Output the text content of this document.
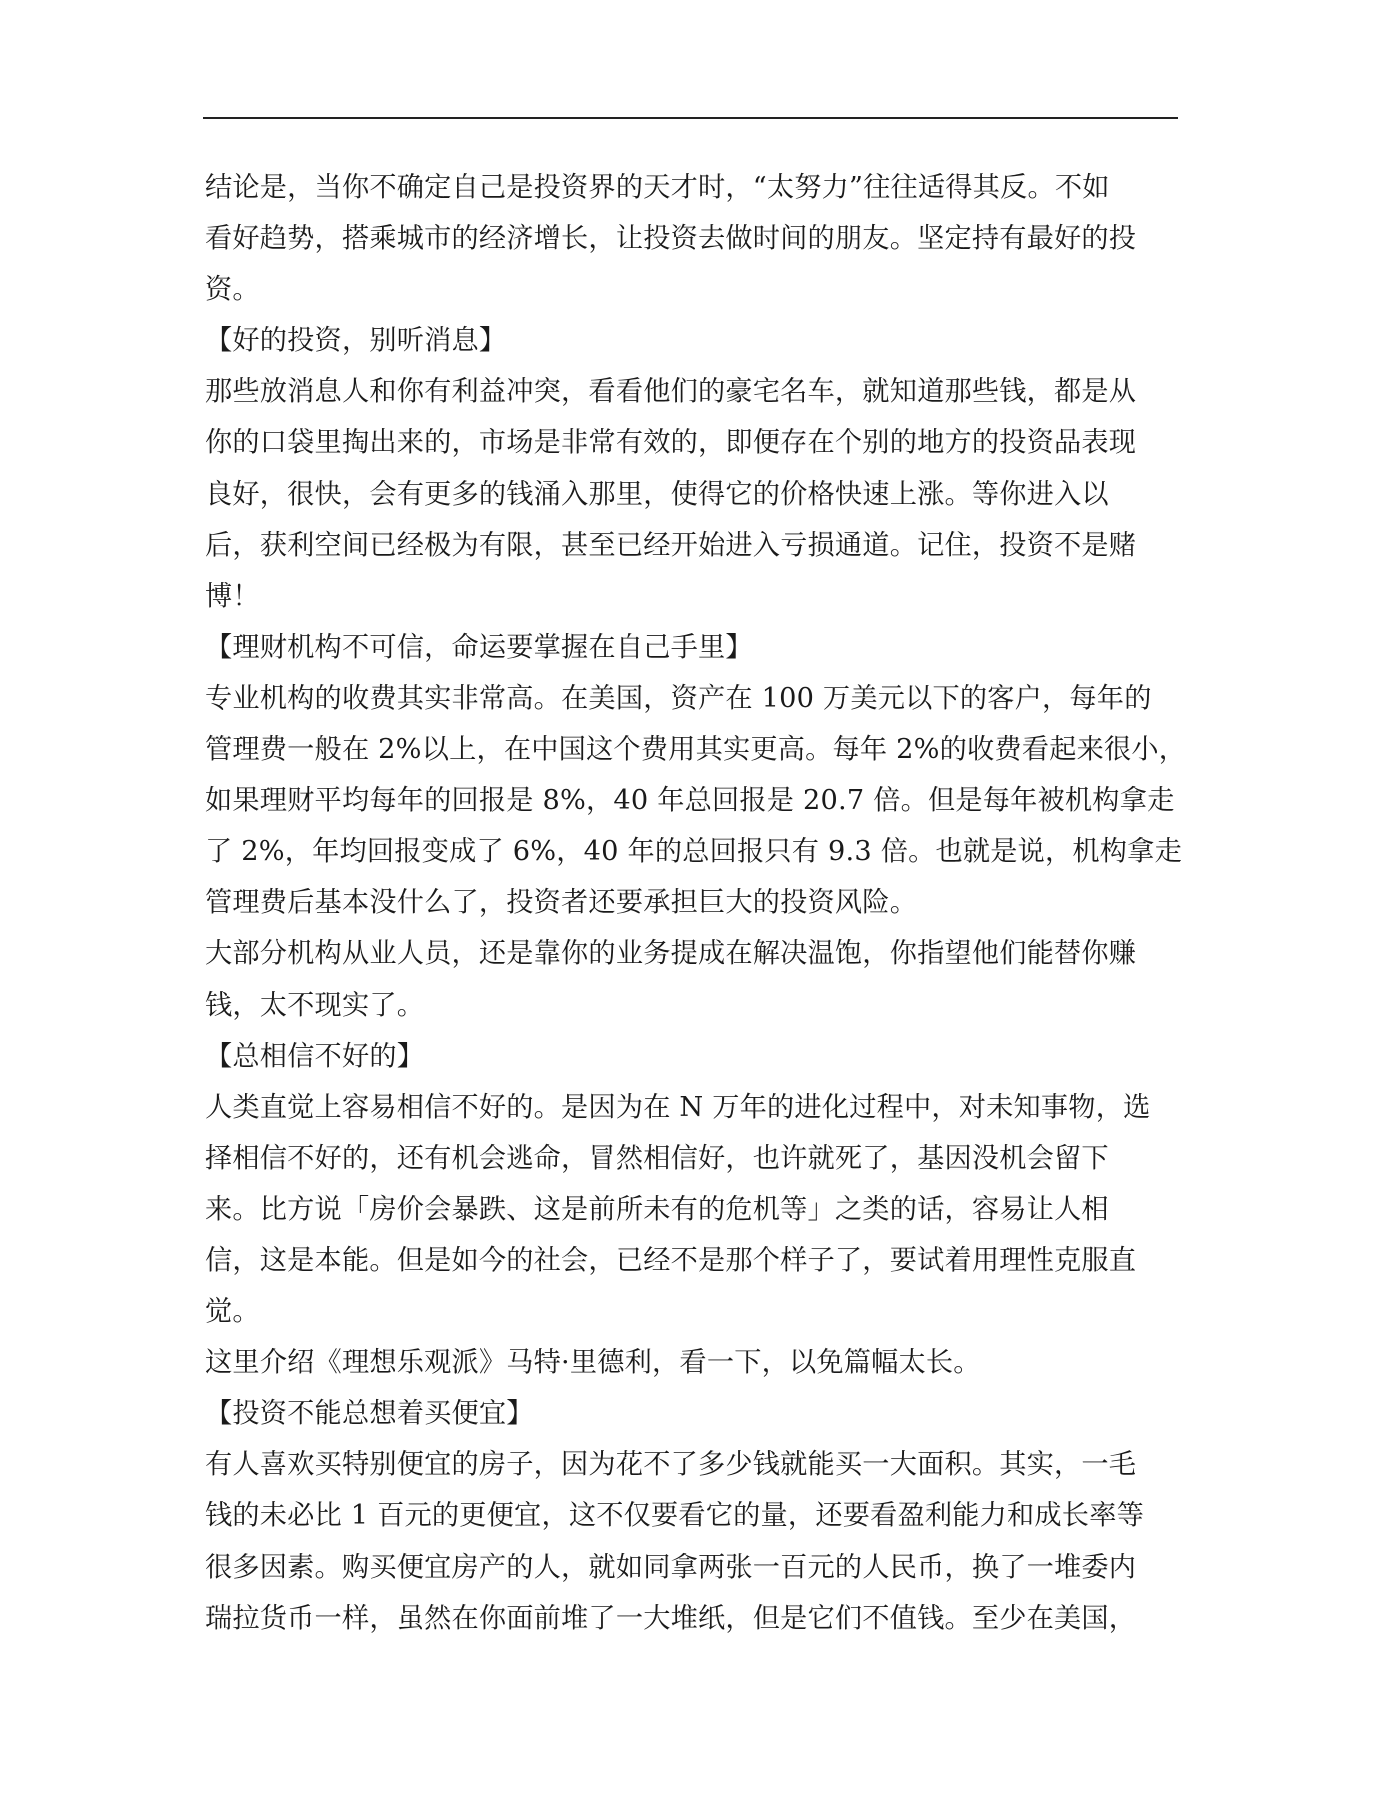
结论是，当你不确定自己是投资界的天才时，“太努力”往往适得其反。不如
看好趋势，搭乘城市的经济增长，让投资去做时间的朋友。坚定持有最好的投
资。
【好的投资，别听消息】
那些放消息人和你有利益冲突，看看他们的豪宅名车，就知道那些钱，都是从
你的口袋里掏出来的，市场是非常有效的，即便存在个别的地方的投资品表现
良好，很快，会有更多的钱涌入那里，使得它的价格快速上涨。等你进入以
后，获利空间已经极为有限，甚至已经开始进入亏损通道。记住，投资不是赌
博！
【理财机构不可信，命运要掌握在自己手里】
专业机构的收费其实非常高。在美国，资产在 100 万美元以下的客户，每年的
管理费一般在 2%以上，在中国这个费用其实更高。每年 2%的收费看起来很小，
如果理财平均每年的回报是 8%，40 年总回报是 20.7 倍。但是每年被机构拿走
了 2%，年均回报变成了 6%，40 年的总回报只有 9.3 倍。也就是说，机构拿走
管理费后基本没什么了，投资者还要承担巨大的投资风险。
大部分机构从业人员，还是靠你的业务提成在解决温饱，你指望他们能替你赚
钱，太不现实了。
【总相信不好的】
人类直觉上容易相信不好的。是因为在 N 万年的进化过程中，对未知事物，选
择相信不好的，还有机会逃命，冒然相信好，也许就死了，基因没机会留下
来。比方说「房价会暴跌、这是前所未有的危机等」之类的话，容易让人相
信，这是本能。但是如今的社会，已经不是那个样子了，要试着用理性克服直
觉。
这里介绍《理想乐观派》马特·里德利，看一下，以免篇幅太长。
【投资不能总想着买便宜】
有人喜欢买特别便宜的房子，因为花不了多少钱就能买一大面积。其实，一毛
钱的未必比 1 百元的更便宜，这不仅要看它的量，还要看盈利能力和成长率等
很多因素。购买便宜房产的人，就如同拿两张一百元的人民币，换了一堆委内
瑞拉货币一样，虽然在你面前堆了一大堆纸，但是它们不值钱。至少在美国，
